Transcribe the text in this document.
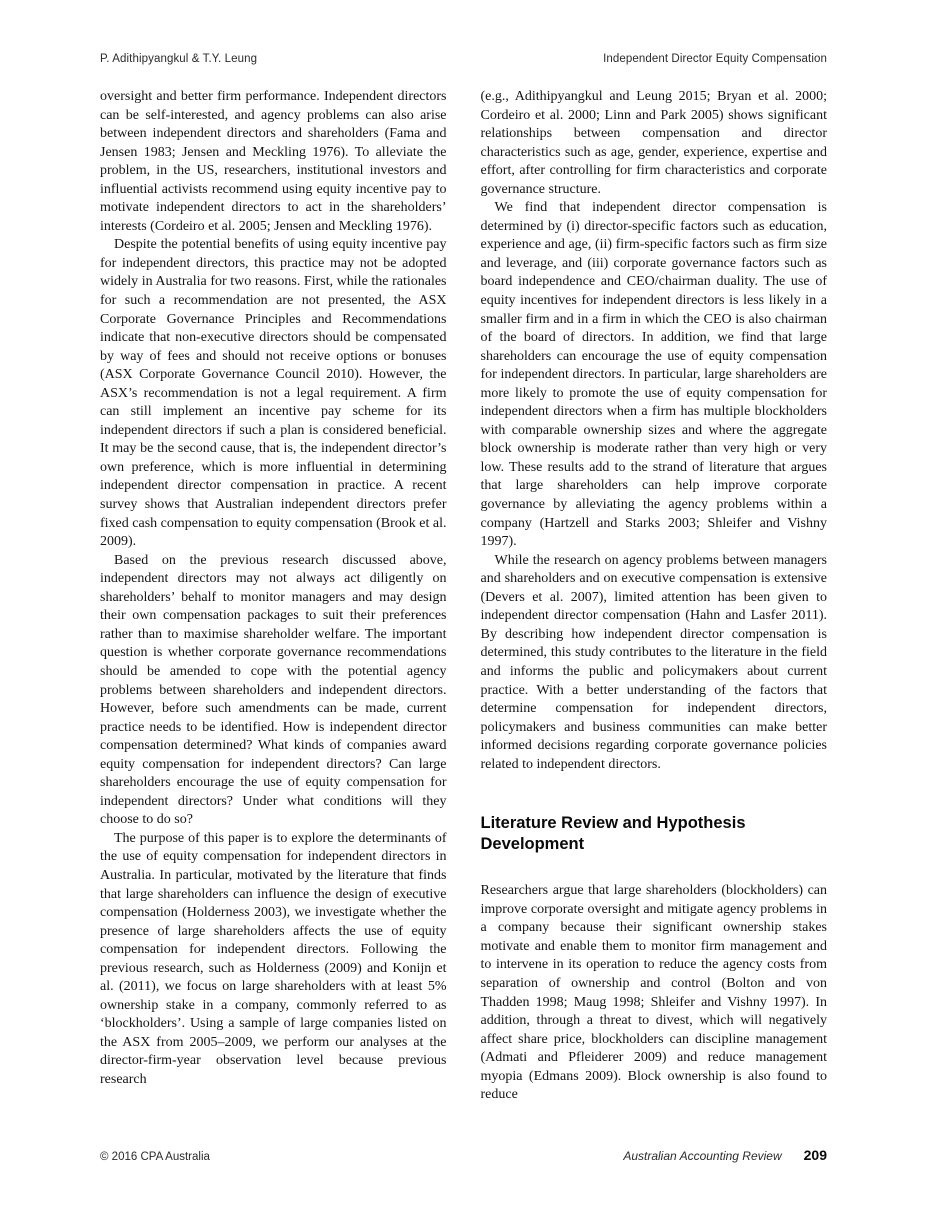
P. Adithipyangkul & T.Y. Leung	Independent Director Equity Compensation

oversight and better firm performance. Independent directors can be self-interested, and agency problems can also arise between independent directors and shareholders (Fama and Jensen 1983; Jensen and Meckling 1976). To alleviate the problem, in the US, researchers, institutional investors and influential activists recommend using equity incentive pay to motivate independent directors to act in the shareholders’ interests (Cordeiro et al. 2005; Jensen and Meckling 1976).

Despite the potential benefits of using equity incentive pay for independent directors, this practice may not be adopted widely in Australia for two reasons. First, while the rationales for such a recommendation are not presented, the ASX Corporate Governance Principles and Recommendations indicate that non-executive directors should be compensated by way of fees and should not receive options or bonuses (ASX Corporate Governance Council 2010). However, the ASX’s recommendation is not a legal requirement. A firm can still implement an incentive pay scheme for its independent directors if such a plan is considered beneficial. It may be the second cause, that is, the independent director’s own preference, which is more influential in determining independent director compensation in practice. A recent survey shows that Australian independent directors prefer fixed cash compensation to equity compensation (Brook et al. 2009).

Based on the previous research discussed above, independent directors may not always act diligently on shareholders’ behalf to monitor managers and may design their own compensation packages to suit their preferences rather than to maximise shareholder welfare. The important question is whether corporate governance recommendations should be amended to cope with the potential agency problems between shareholders and independent directors. However, before such amendments can be made, current practice needs to be identified. How is independent director compensation determined? What kinds of companies award equity compensation for independent directors? Can large shareholders encourage the use of equity compensation for independent directors? Under what conditions will they choose to do so?

The purpose of this paper is to explore the determinants of the use of equity compensation for independent directors in Australia. In particular, motivated by the literature that finds that large shareholders can influence the design of executive compensation (Holderness 2003), we investigate whether the presence of large shareholders affects the use of equity compensation for independent directors. Following the previous research, such as Holderness (2009) and Konijn et al. (2011), we focus on large shareholders with at least 5% ownership stake in a company, commonly referred to as ‘blockholders’. Using a sample of large companies listed on the ASX from 2005–2009, we perform our analyses at the director-firm-year observation level because previous research

(e.g., Adithipyangkul and Leung 2015; Bryan et al. 2000; Cordeiro et al. 2000; Linn and Park 2005) shows significant relationships between compensation and director characteristics such as age, gender, experience, expertise and effort, after controlling for firm characteristics and corporate governance structure.

We find that independent director compensation is determined by (i) director-specific factors such as education, experience and age, (ii) firm-specific factors such as firm size and leverage, and (iii) corporate governance factors such as board independence and CEO/chairman duality. The use of equity incentives for independent directors is less likely in a smaller firm and in a firm in which the CEO is also chairman of the board of directors. In addition, we find that large shareholders can encourage the use of equity compensation for independent directors. In particular, large shareholders are more likely to promote the use of equity compensation for independent directors when a firm has multiple blockholders with comparable ownership sizes and where the aggregate block ownership is moderate rather than very high or very low. These results add to the strand of literature that argues that large shareholders can help improve corporate governance by alleviating the agency problems within a company (Hartzell and Starks 2003; Shleifer and Vishny 1997).

While the research on agency problems between managers and shareholders and on executive compensation is extensive (Devers et al. 2007), limited attention has been given to independent director compensation (Hahn and Lasfer 2011). By describing how independent director compensation is determined, this study contributes to the literature in the field and informs the public and policymakers about current practice. With a better understanding of the factors that determine compensation for independent directors, policymakers and business communities can make better informed decisions regarding corporate governance policies related to independent directors.

Literature Review and Hypothesis Development

Researchers argue that large shareholders (blockholders) can improve corporate oversight and mitigate agency problems in a company because their significant ownership stakes motivate and enable them to monitor firm management and to intervene in its operation to reduce the agency costs from separation of ownership and control (Bolton and von Thadden 1998; Maug 1998; Shleifer and Vishny 1997). In addition, through a threat to divest, which will negatively affect share price, blockholders can discipline management (Admati and Pfleiderer 2009) and reduce management myopia (Edmans 2009). Block ownership is also found to reduce

© 2016 CPA Australia	Australian Accounting Review 209
